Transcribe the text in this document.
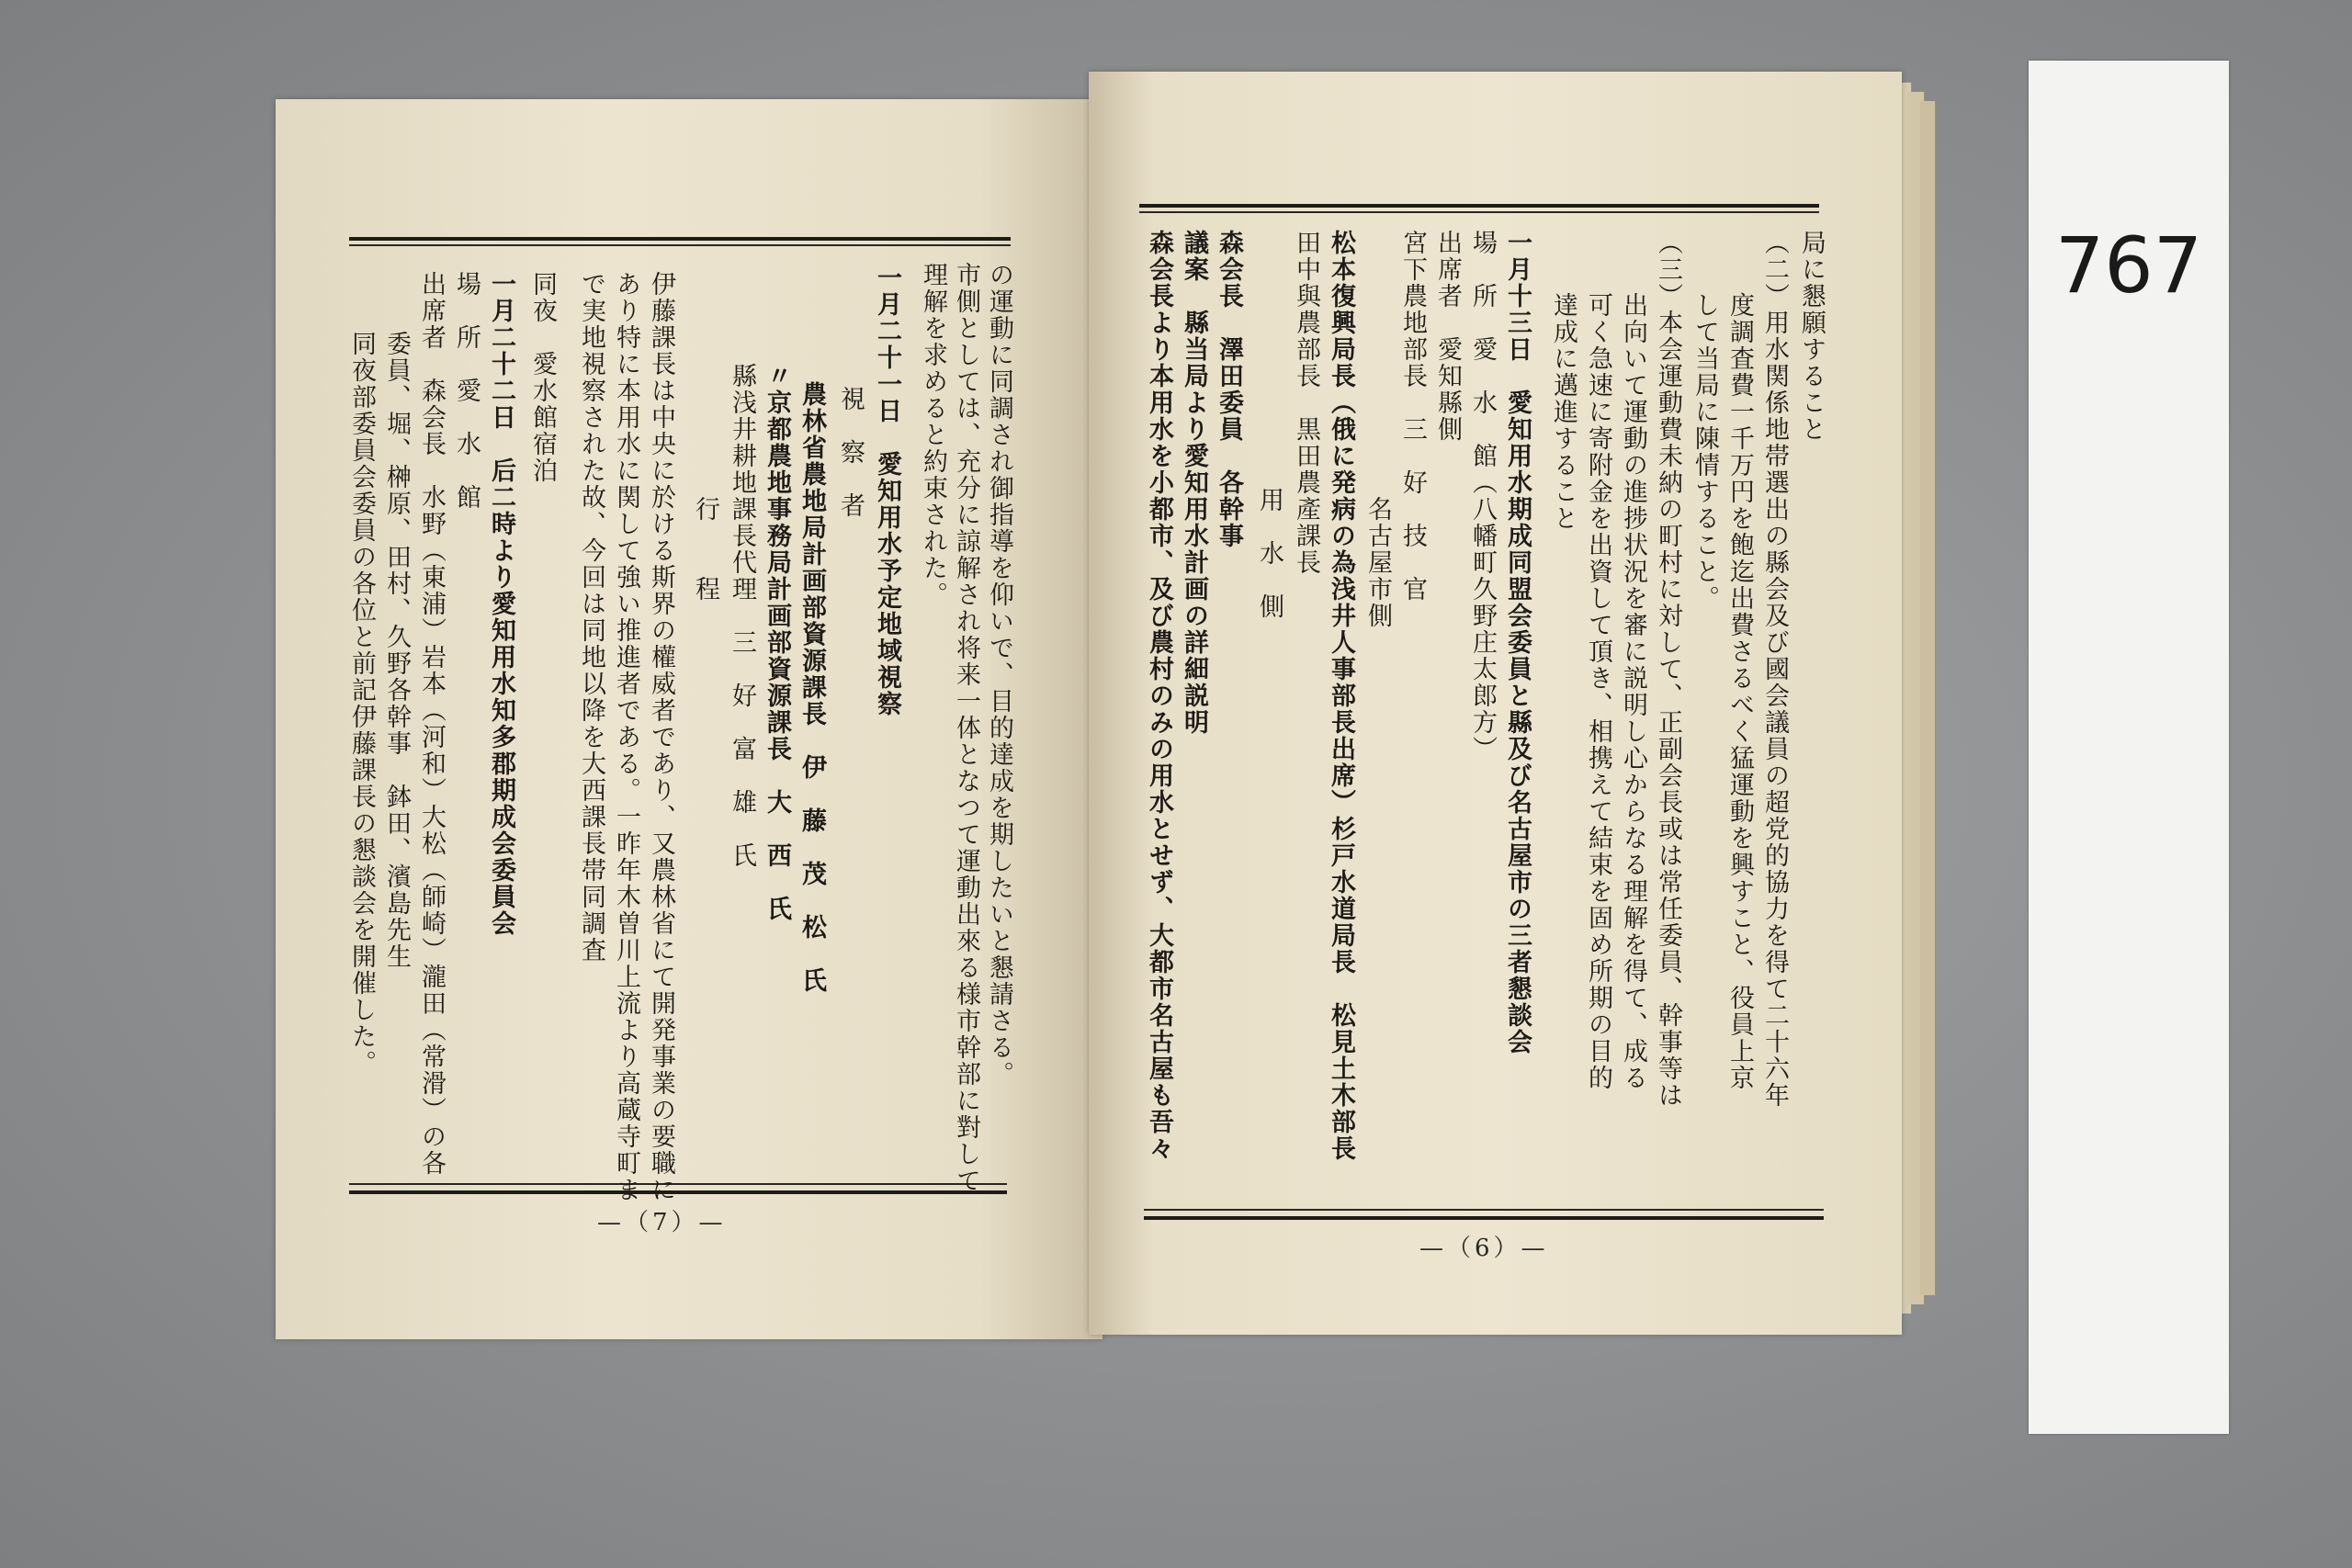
の運動に同調され御指導を仰いで、目的達成を期したいと懇請さる。
市側としては、充分に諒解され将来一体となつて運動出來る様市幹部に對して
理解を求めると約束された。
一月二十一日　愛知用水予定地域視察
視　察　者
農林省農地局計画部資源課長　伊　藤　茂　松　氏
〃京都農地事務局計画部資源課長　大　西　氏
縣浅井耕地課長代理　三　好　富　雄　氏
行　　程
伊藤課長は中央に於ける斯界の權威者であり、又農林省にて開発事業の要職に
あり特に本用水に関して強い推進者である。一昨年木曽川上流より高蔵寺町ま
で実地視察された故、今回は同地以降を大西課長帯同調査
同夜　愛水館宿泊
一月二十二日　后二時より愛知用水知多郡期成会委員会
場　所　愛　水　館
出席者　森会長　水野（東浦）岩本（河和）大松（師崎）瀧田（常滑）の各
委員、堀、榊原、田村、久野各幹事　鉢田、濱島先生
同夜部委員会委員の各位と前記伊藤課長の懇談会を開催した。
—（7）—
局に懇願すること
（二）用水関係地帯選出の縣会及び國会議員の超党的協力を得て二十六年
度調査費一千万円を飽迄出費さるべく猛運動を興すこと、役員上京
して当局に陳情すること。
（三）本会運動費未納の町村に対して、正副会長或は常任委員、幹事等は
出向いて運動の進捗状況を審に説明し心からなる理解を得て、成る
可く急速に寄附金を出資して頂き、相携えて結束を固め所期の目的
達成に邁進すること
一月十三日　愛知用水期成同盟会委員と縣及び名古屋市の三者懇談会
場　所　愛　水　館（八幡町久野庄太郎方）
出席者　愛知縣側
宮下農地部長　三　好　技　官
名古屋市側
松本復興局長（俄に発病の為浅井人事部長出席）杉戸水道局長　松見土木部長
田中與農部長　黒田農產課長
用　水　側
森会長　澤田委員　各幹事
議案　縣当局より愛知用水計画の詳細説明
森会長より本用水を小都市、及び農村のみの用水とせず、大都市名古屋も吾々
—（6）—
767
